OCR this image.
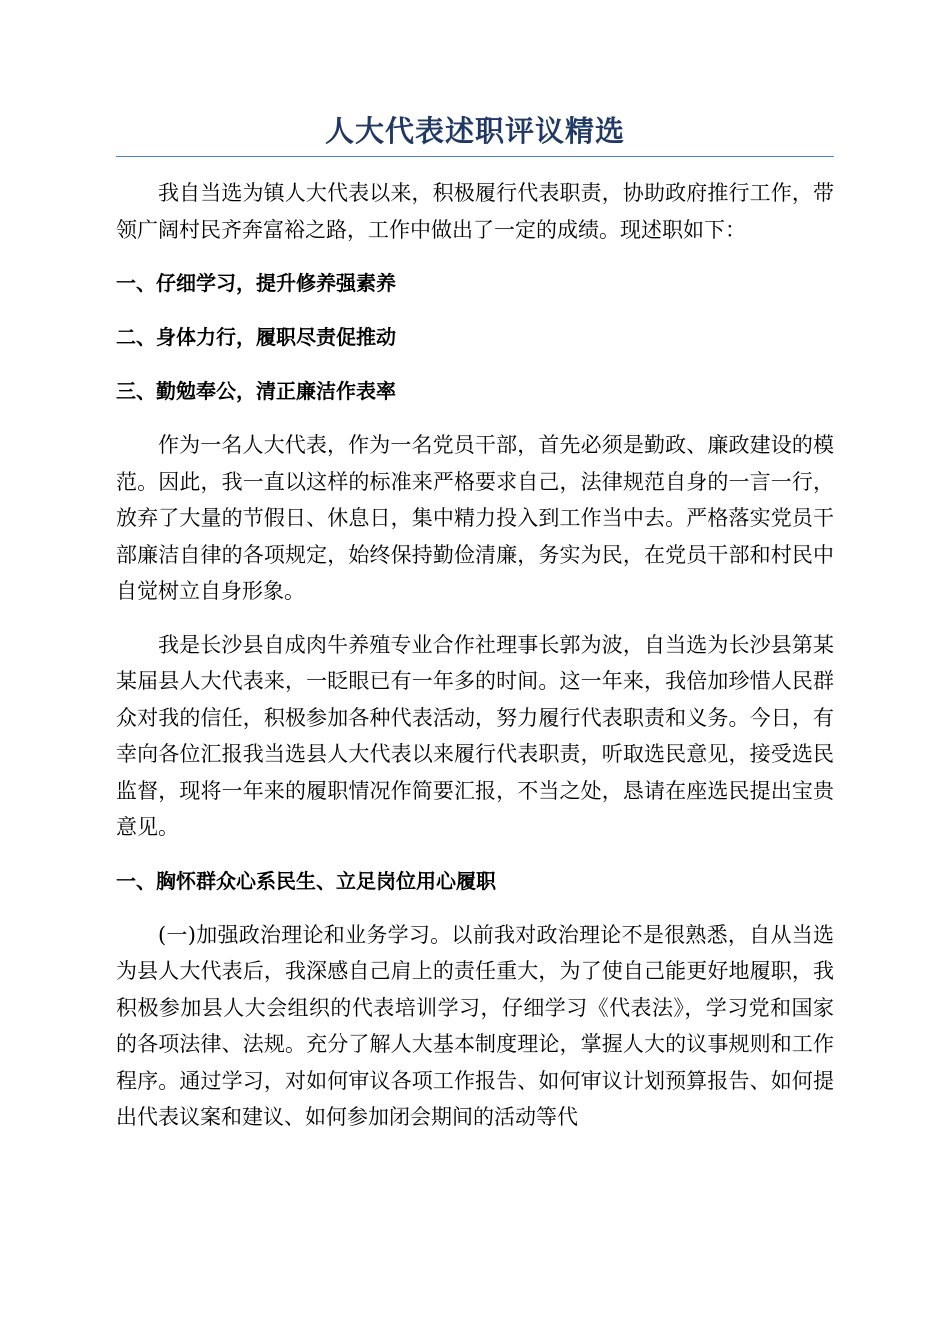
人大代表述职评议精选

我自当选为镇人大代表以来，积极履行代表职责，协助政府推行工作，带领广阔村民齐奔富裕之路，工作中做出了一定的成绩。现述职如下：

一、仔细学习，提升修养强素养
二、身体力行，履职尽责促推动
三、勤勉奉公，清正廉洁作表率

作为一名人大代表，作为一名党员干部，首先必须是勤政、廉政建设的模范。因此，我一直以这样的标准来严格要求自己，法律规范自身的一言一行，放弃了大量的节假日、休息日，集中精力投入到工作当中去。严格落实党员干部廉洁自律的各项规定，始终保持勤俭清廉，务实为民，在党员干部和村民中自觉树立自身形象。

我是长沙县自成肉牛养殖专业合作社理事长郭为波，自当选为长沙县第某某届县人大代表来，一眨眼已有一年多的时间。这一年来，我倍加珍惜人民群众对我的信任，积极参加各种代表活动，努力履行代表职责和义务。今日，有幸向各位汇报我当选县人大代表以来履行代表职责，听取选民意见，接受选民监督，现将一年来的履职情况作简要汇报，不当之处，恳请在座选民提出宝贵意见。

一、胸怀群众心系民生、立足岗位用心履职

(一)加强政治理论和业务学习。以前我对政治理论不是很熟悉，自从当选为县人大代表后，我深感自己肩上的责任重大，为了使自己能更好地履职，我积极参加县人大会组织的代表培训学习，仔细学习《代表法》，学习党和国家的各项法律、法规。充分了解人大基本制度理论，掌握人大的议事规则和工作程序。通过学习，对如何审议各项工作报告、如何审议计划预算报告、如何提出代表议案和建议、如何参加闭会期间的活动等代
